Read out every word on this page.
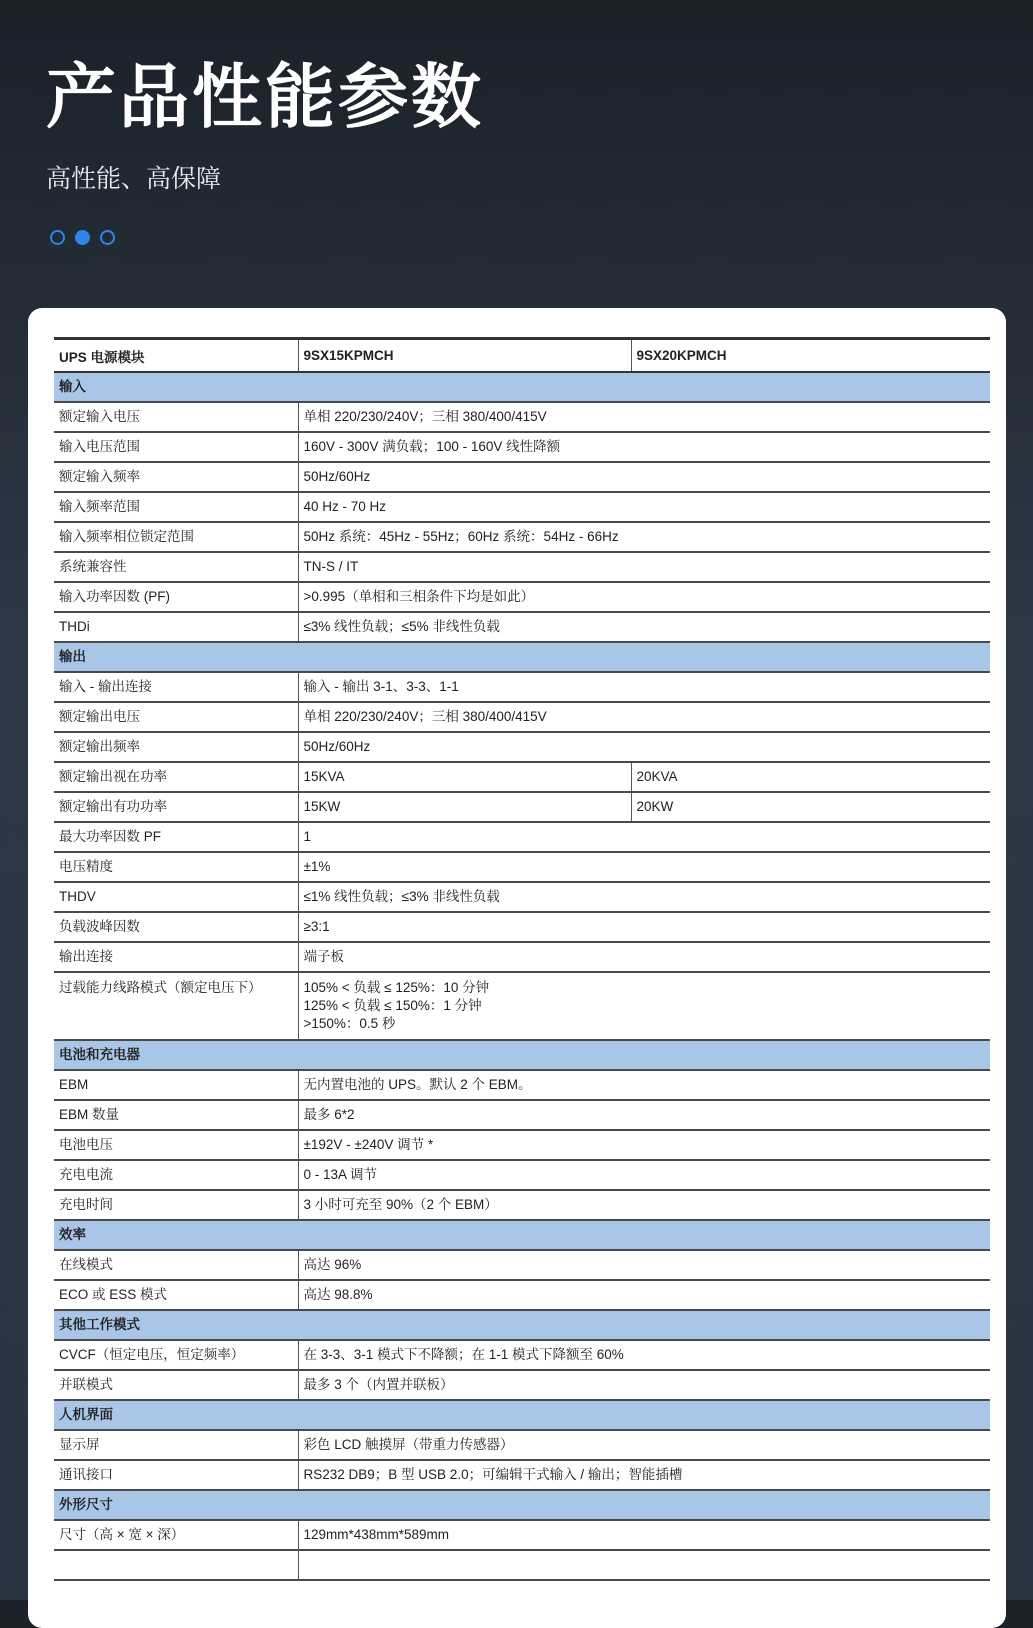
产品性能参数
高性能、高保障
UPS 电源模块	9SX15KPMCH	9SX20KPMCH
输入		
额定输入电压	单相 220/230/240V；三相 380/400/415V	
输入电压范围	160V - 300V 满负载；100 - 160V 线性降额	
额定输入频率	50Hz/60Hz	
输入频率范围	40 Hz - 70 Hz	
输入频率相位锁定范围	50Hz 系统：45Hz - 55Hz；60Hz 系统：54Hz - 66Hz	
系统兼容性	TN-S / IT	
输入功率因数 (PF)	>0.995（单相和三相条件下均是如此）	
THDi	≤3% 线性负载；≤5% 非线性负载	
输出		
输入 - 输出连接	输入 - 输出 3-1、3-3、1-1	
额定输出电压	单相 220/230/240V；三相 380/400/415V	
额定输出频率	50Hz/60Hz	
额定输出视在功率	15KVA	20KVA
额定输出有功功率	15KW	20KW
最大功率因数 PF	1	
电压精度	±1%	
THDV	≤1% 线性负载；≤3% 非线性负载	
负载波峰因数	≥3:1	
输出连接	端子板	
过载能力线路模式（额定电压下）	105% < 负载 ≤ 125%：10 分钟
125% < 负载 ≤ 150%：1 分钟
>150%：0.5 秒	

电池和充电器		
EBM	无内置电池的 UPS。默认 2 个 EBM。	
EBM 数量	最多 6*2	
电池电压	±192V - ±240V 调节 *	
充电电流	0 - 13A 调节	
充电时间	3 小时可充至 90%（2 个 EBM）	
效率		
在线模式	高达 96%	
ECO 或 ESS 模式	高达 98.8%	
其他工作模式		
CVCF（恒定电压，恒定频率）	在 3-3、3-1 模式下不降额；在 1-1 模式下降额至 60%	
并联模式	最多 3 个（内置并联板）	
人机界面		
显示屏	彩色 LCD 触摸屏（带重力传感器）	
通讯接口	RS232 DB9；B 型 USB 2.0；可编辑干式输入 / 输出；智能插槽	
外形尺寸		
尺寸（高 × 宽 × 深）	129mm*438mm*589mm	
